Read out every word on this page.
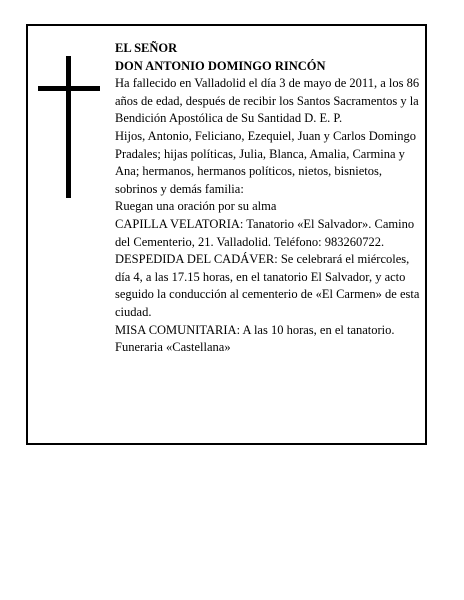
EL SEÑOR

DON ANTONIO DOMINGO RINCÓN

Ha fallecido en Valladolid el día 3 de mayo de 2011, a los 86 años de edad, después de recibir los Santos Sacramentos y la Bendición Apostólica de Su Santidad D. E. P.

Hijos, Antonio, Feliciano, Ezequiel, Juan y Carlos Domingo Pradales; hijas políticas, Julia, Blanca, Amalia, Carmina y Ana; hermanos, hermanos políticos, nietos, bisnietos, sobrinos y demás familia:

Ruegan una oración por su alma

CAPILLA VELATORIA: Tanatorio «El Salvador». Camino del Cementerio, 21. Valladolid. Teléfono: 983260722.

DESPEDIDA DEL CADÁVER: Se celebrará el miércoles, día 4, a las 17.15 horas, en el tanatorio El Salvador, y acto seguido la conducción al cementerio de «El Carmen» de esta ciudad.

MISA COMUNITARIA: A las 10 horas, en el tanatorio.

Funeraria «Castellana»
